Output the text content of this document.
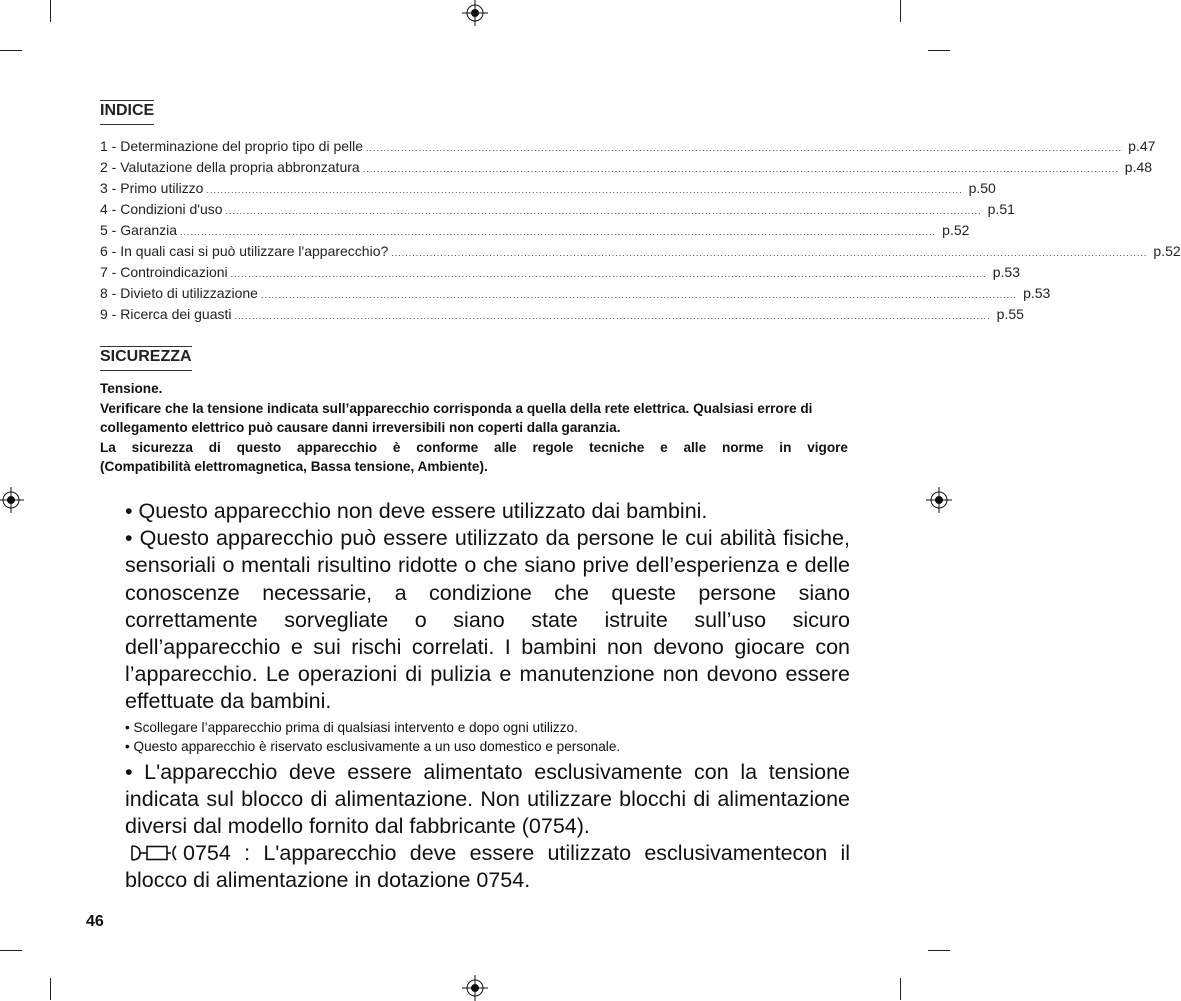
INDICE
1 - Determinazione del proprio tipo di pelle ........................................................................................................................................................................................................................ p. 47
2 - Valutazione della propria abbronzatura ........................................................................................................................................................................................................................ p. 48
3 - Primo utilizzo ........................................................................................................................................................................................................................ p. 50
4 - Condizioni d'uso ........................................................................................................................................................................................................................ p. 51
5 - Garanzia ........................................................................................................................................................................................................................ p. 52
6 - In quali casi si può utilizzare l'apparecchio? ........................................................................................................................................................................................................................ p. 52
7 - Controindicazioni ........................................................................................................................................................................................................................ p. 53
8 - Divieto di utilizzazione ........................................................................................................................................................................................................................ p. 53
9 - Ricerca dei guasti ........................................................................................................................................................................................................................ p. 55
SICUREZZA

Tensione.

Verificare che la tensione indicata sull’apparecchio corrisponda a quella della rete elettrica. Qualsiasi errore di collegamento elettrico può causare danni irreversibili non coperti dalla garanzia.

La sicurezza di questo apparecchio è conforme alle regole tecniche e alle norme in vigore

(Compatibilità elettromagnetica, Bassa tensione, Ambiente).

• Questo apparecchio non deve essere utilizzato dai bambini.

• Questo apparecchio può essere utilizzato da persone le cui abilità fisiche, sensoriali o mentali risultino ridotte o che siano prive dell’esperienza e delle conoscenze necessarie, a condizione che queste persone siano correttamente sorvegliate o siano state istruite sull’uso sicuro dell’apparecchio e sui rischi correlati. I bambini non devono giocare con l’apparecchio. Le operazioni di pulizia e manutenzione non devono essere effettuate da bambini.

• Scollegare l’apparecchio prima di qualsiasi intervento e dopo ogni utilizzo.

• Questo apparecchio è riservato esclusivamente a un uso domestico e personale.

• L'apparecchio deve essere alimentato esclusivamente con la tensione indicata sul blocco di alimentazione. Non utilizzare blocchi di alimentazione diversi dal modello fornito dal fabbricante (0754).

0754 : L'apparecchio deve essere utilizzato esclusivamentecon il blocco di alimentazione in dotazione 0754.

46
